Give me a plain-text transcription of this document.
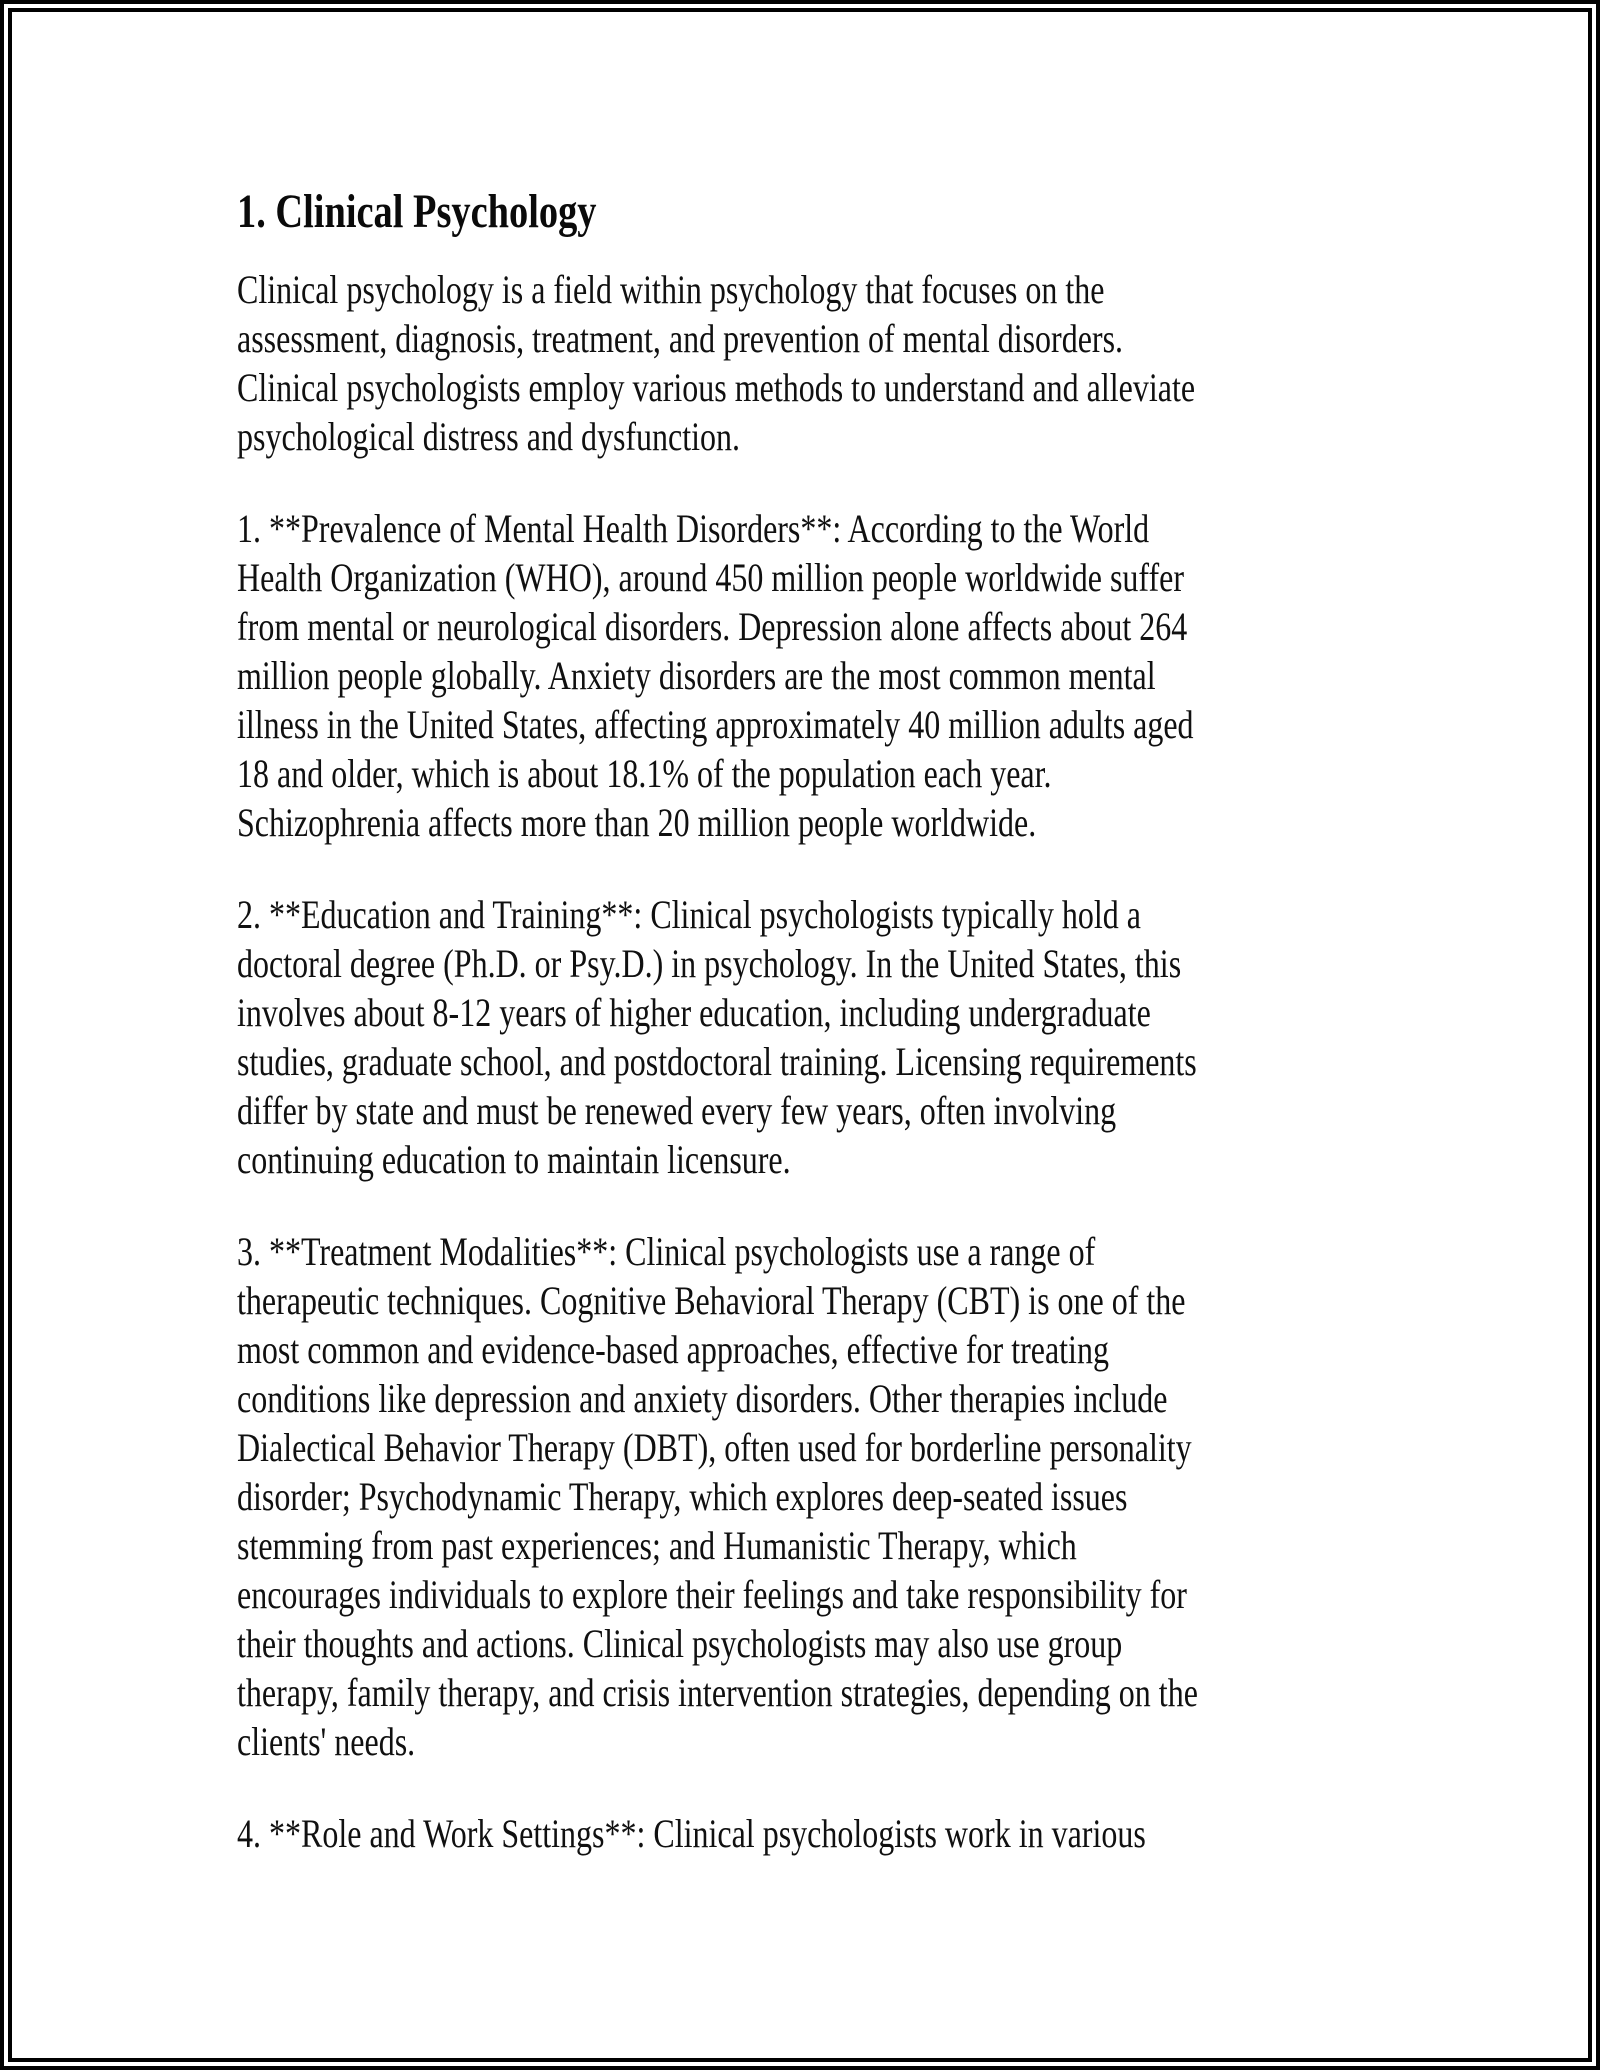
1. Clinical Psychology
Clinical psychology is a field within psychology that focuses on the
assessment, diagnosis, treatment, and prevention of mental disorders.
Clinical psychologists employ various methods to understand and alleviate
psychological distress and dysfunction.
1. **Prevalence of Mental Health Disorders**: According to the World
Health Organization (WHO), around 450 million people worldwide suffer
from mental or neurological disorders. Depression alone affects about 264
million people globally. Anxiety disorders are the most common mental
illness in the United States, affecting approximately 40 million adults aged
18 and older, which is about 18.1% of the population each year.
Schizophrenia affects more than 20 million people worldwide.
2. **Education and Training**: Clinical psychologists typically hold a
doctoral degree (Ph.D. or Psy.D.) in psychology. In the United States, this
involves about 8-12 years of higher education, including undergraduate
studies, graduate school, and postdoctoral training. Licensing requirements
differ by state and must be renewed every few years, often involving
continuing education to maintain licensure.
3. **Treatment Modalities**: Clinical psychologists use a range of
therapeutic techniques. Cognitive Behavioral Therapy (CBT) is one of the
most common and evidence-based approaches, effective for treating
conditions like depression and anxiety disorders. Other therapies include
Dialectical Behavior Therapy (DBT), often used for borderline personality
disorder; Psychodynamic Therapy, which explores deep-seated issues
stemming from past experiences; and Humanistic Therapy, which
encourages individuals to explore their feelings and take responsibility for
their thoughts and actions. Clinical psychologists may also use group
therapy, family therapy, and crisis intervention strategies, depending on the
clients' needs.
4. **Role and Work Settings**: Clinical psychologists work in various
